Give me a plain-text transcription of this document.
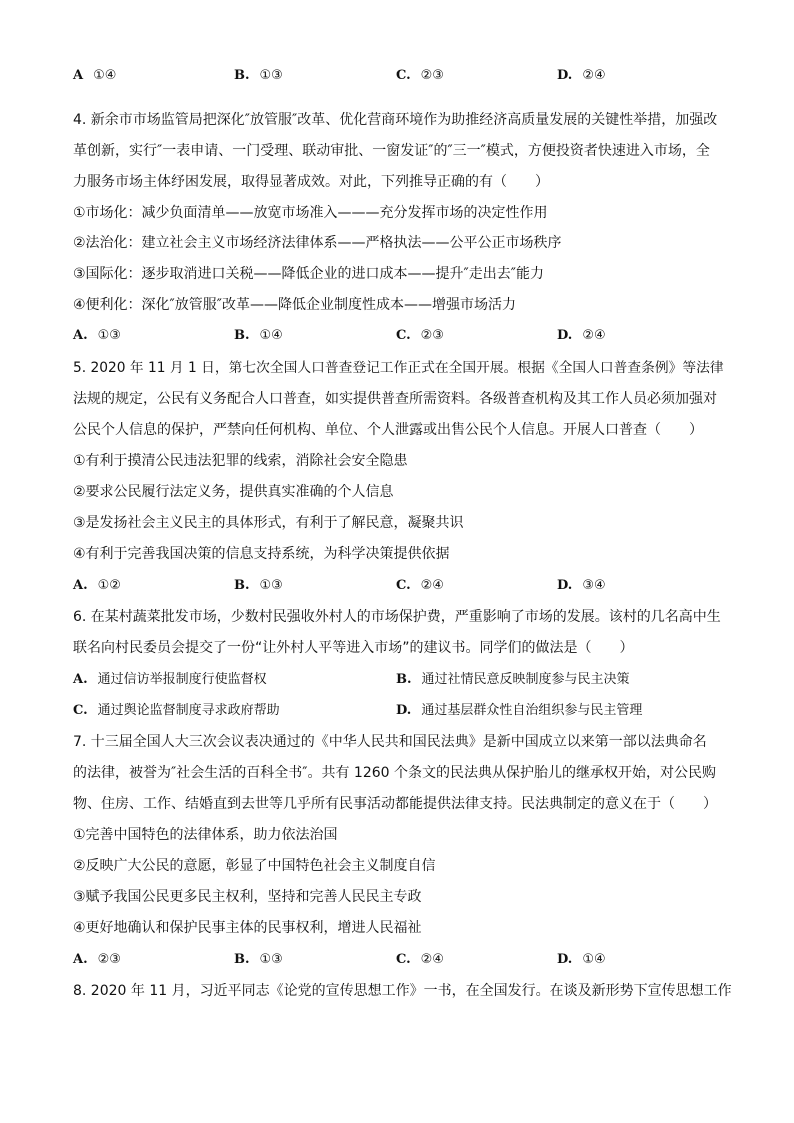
A ①④	B. ①③	C. ②③	D. ②④
4. 新余市市场监管局把深化″放管服″改革、优化营商环境作为助推经济高质量发展的关键性举措，加强改
革创新，实行″一表申请、一门受理、联动审批、一窗发证″的″三一″模式，方便投资者快速进入市场，全
力服务市场主体纾困发展，取得显著成效。对此，下列推导正确的有（　　）
①市场化：减少负面清单——放宽市场准入———充分发挥市场的决定性作用
②法治化：建立社会主义市场经济法律体系——严格执法——公平公正市场秩序
③国际化：逐步取消进口关税——降低企业的进口成本——提升″走出去″能力
④便利化：深化″放管服″改革——降低企业制度性成本——增强市场活力
A. ①③	B. ①④	C. ②③	D. ②④
5. 2020 年 11 月 1 日，第七次全国人口普查登记工作正式在全国开展。根据《全国人口普查条例》等法律
法规的规定，公民有义务配合人口普查，如实提供普查所需资料。各级普查机构及其工作人员必须加强对
公民个人信息的保护，严禁向任何机构、单位、个人泄露或出售公民个人信息。开展人口普查（　　）
①有利于摸清公民违法犯罪的线索，消除社会安全隐患
②要求公民履行法定义务，提供真实准确的个人信息
③是发扬社会主义民主的具体形式，有利于了解民意，凝聚共识
④有利于完善我国决策的信息支持系统，为科学决策提供依据
A. ①②	B. ①③	C. ②④	D. ③④
6. 在某村蔬菜批发市场，少数村民强收外村人的市场保护费，严重影响了市场的发展。该村的几名高中生
联名向村民委员会提交了一份“让外村人平等进入市场”的建议书。同学们的做法是（　　）
A. 通过信访举报制度行使监督权	B. 通过社情民意反映制度参与民主决策
C. 通过舆论监督制度寻求政府帮助	D. 通过基层群众性自治组织参与民主管理
7. 十三届全国人大三次会议表决通过的《中华人民共和国民法典》是新中国成立以来第一部以法典命名
的法律，被誉为″社会生活的百科全书″。共有 1260 个条文的民法典从保护胎儿的继承权开始，对公民购
物、住房、工作、结婚直到去世等几乎所有民事活动都能提供法律支持。民法典制定的意义在于（　　）
①完善中国特色的法律体系，助力依法治国
②反映广大公民的意愿，彰显了中国特色社会主义制度自信
③赋予我国公民更多民主权利，坚持和完善人民民主专政
④更好地确认和保护民事主体的民事权利，增进人民福祉
A. ②③	B. ①③	C. ②④	D. ①④
8. 2020 年 11 月，习近平同志《论党的宣传思想工作》一书，在全国发行。在谈及新形势下宣传思想工作
